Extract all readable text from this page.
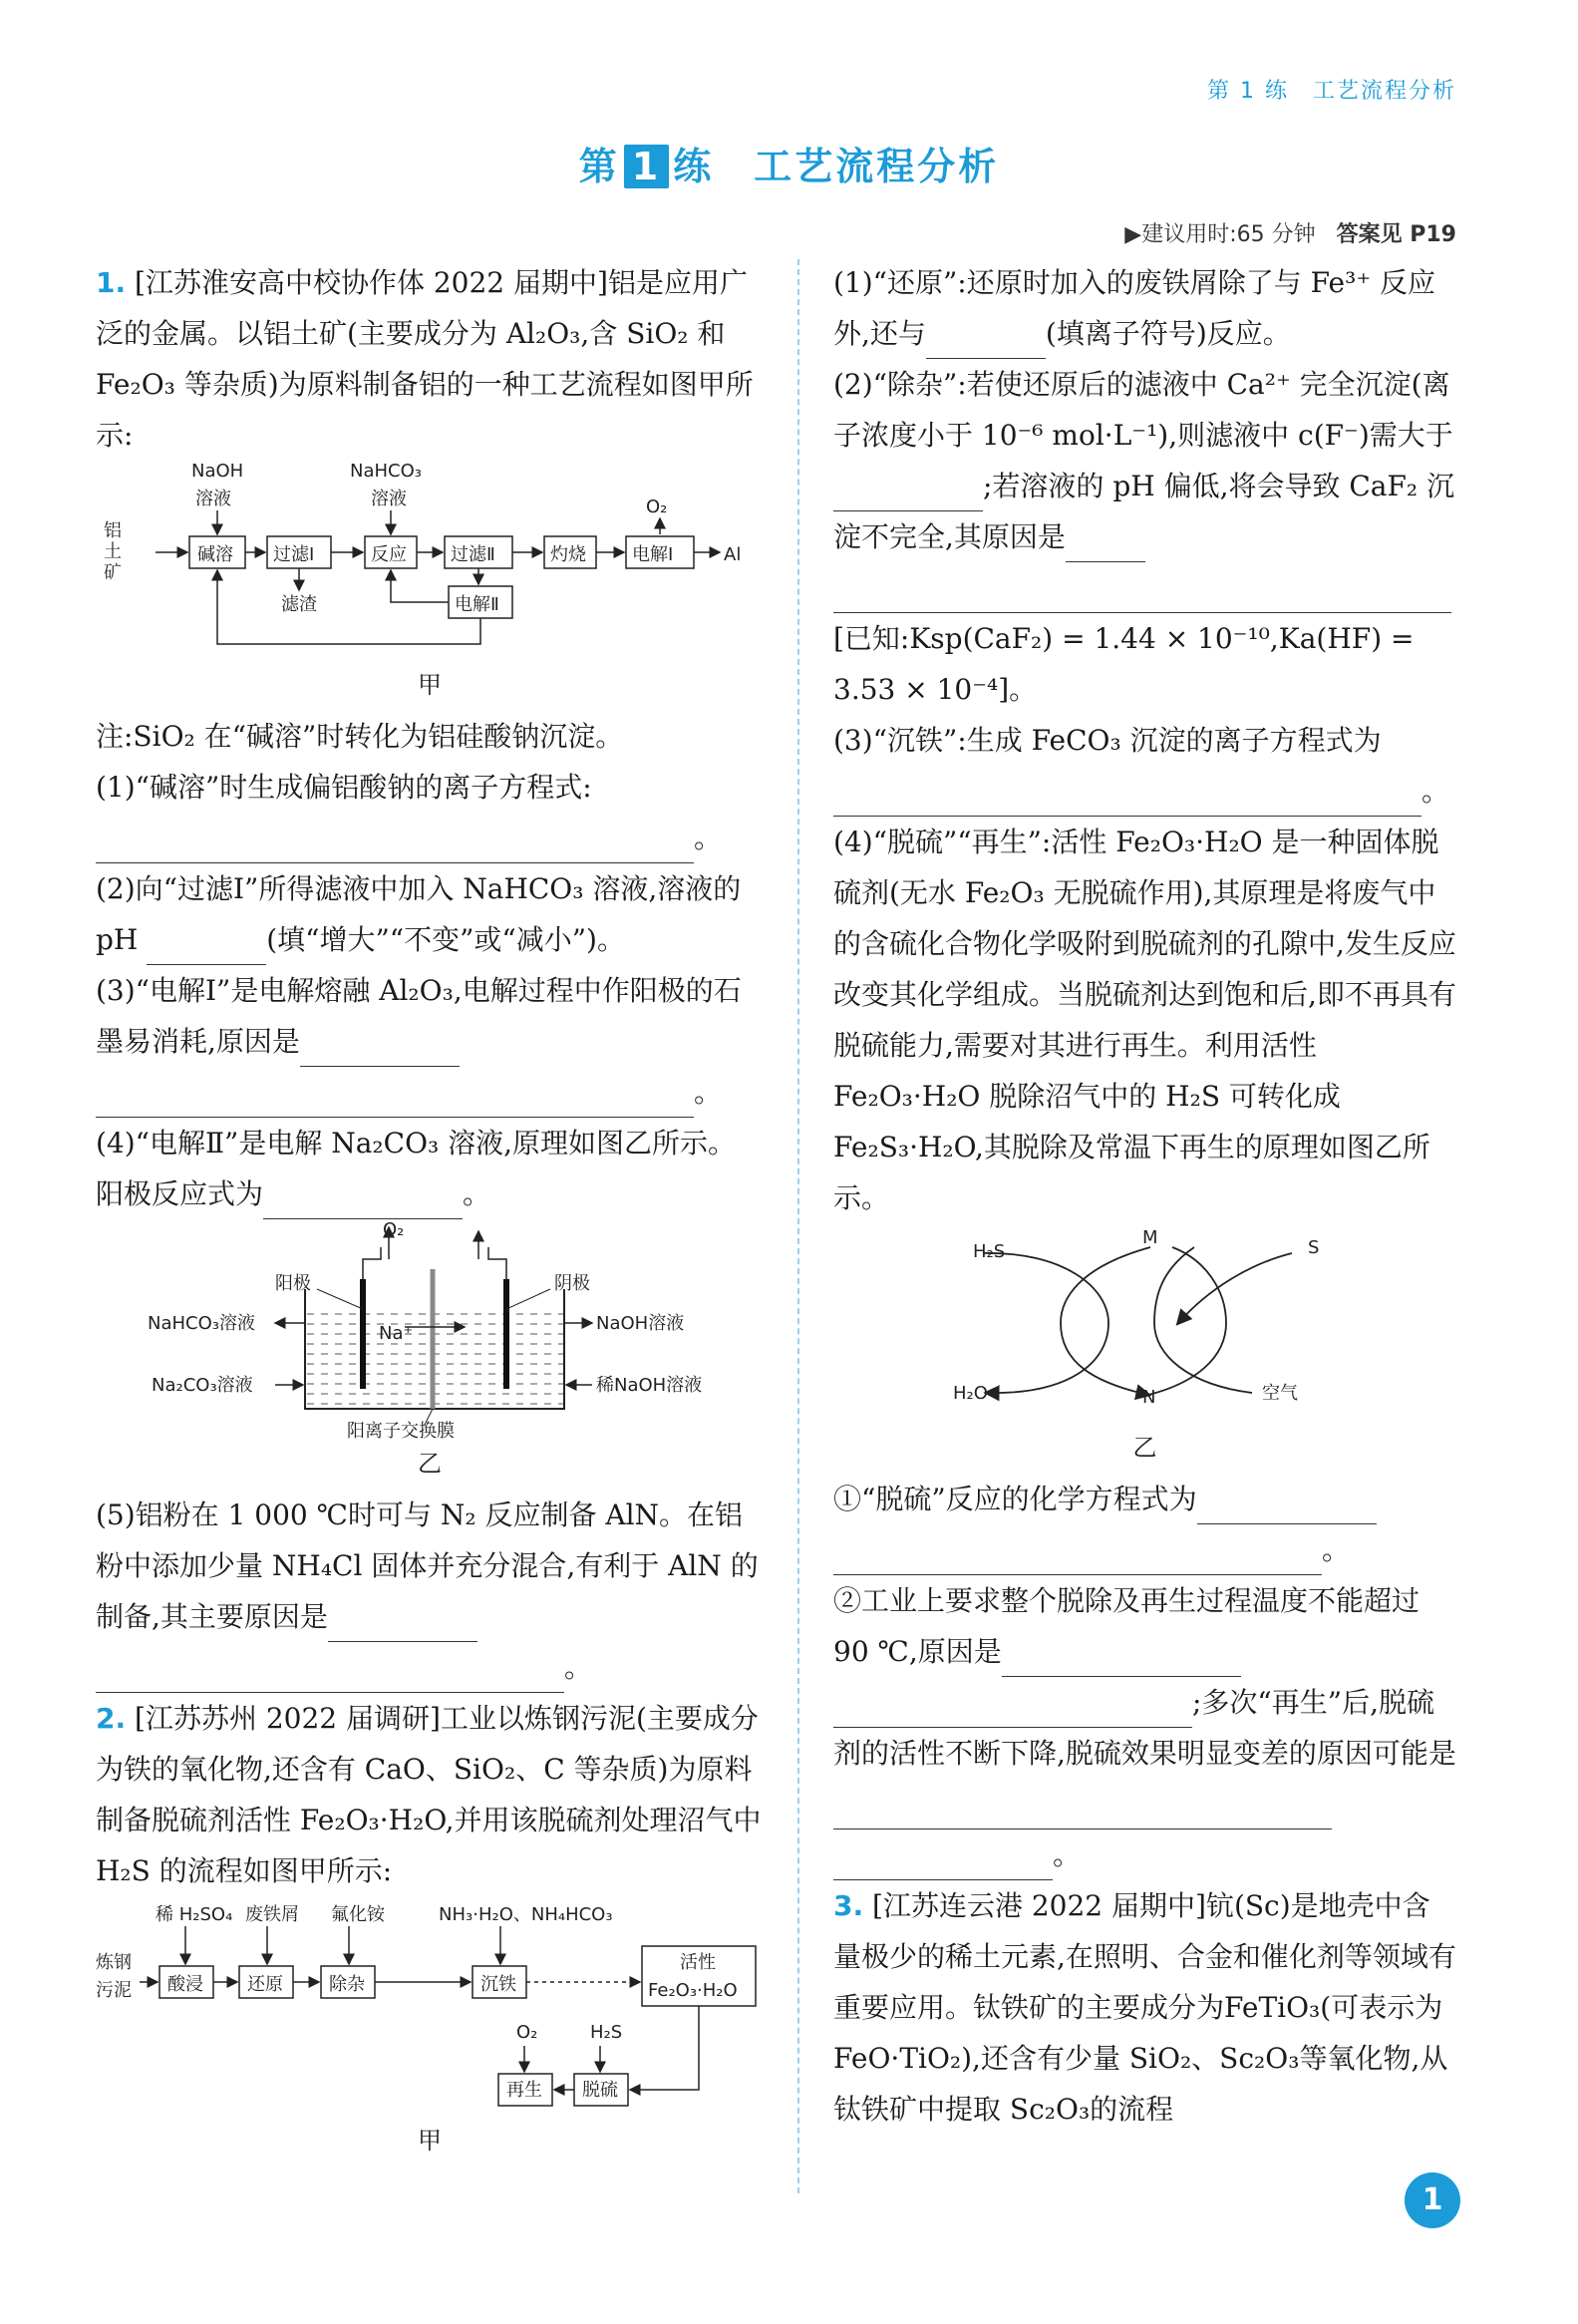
第 1 练　工艺流程分析
第 1 练 工艺流程分析
▶建议用时:65 分钟 答案见 P19

1. [江苏淮安高中校协作体 2022 届期中]铝是应用广泛的金属。以铝土矿(主要成分为 Al₂O₃,含 SiO₂ 和 Fe₂O₃ 等杂质)为原料制备铝的一种工艺流程如图甲所示:

NaOH
溶液
NaHCO₃
溶液
铝
土
矿
碱溶 过滤Ⅰ	反应 过滤Ⅱ	灼烧	电解Ⅰ	Al
O₂
滤渣	电解Ⅱ
甲

注:SiO₂ 在“碱溶”时转化为铝硅酸钠沉淀。

(1)“碱溶”时生成偏铝酸钠的离子方程式:

。

(2)向“过滤Ⅰ”所得滤液中加入 NaHCO₃ 溶液,溶液的 pH	(填“增大”“不变”或“减小”)。

(3)“电解Ⅰ”是电解熔融 Al₂O₃,电解过程中作阳极的石墨易消耗,原因是

。

(4)“电解Ⅱ”是电解 Na₂CO₃ 溶液,原理如图乙所示。阳极反应式为	。

O₂
阳极	阴极
NaHCO₃溶液	NaOH溶液
Na⁺
Na₂CO₃溶液	稀NaOH溶液
阳离子交换膜
乙

(5)铝粉在 1 000 ℃时可与 N₂ 反应制备 AlN。在铝粉中添加少量 NH₄Cl 固体并充分混合,有利于 AlN 的制备,其主要原因是

。

2. [江苏苏州 2022 届调研]工业以炼钢污泥(主要成分为铁的氧化物,还含有 CaO、SiO₂、C 等杂质)为原料制备脱硫剂活性 Fe₂O₃·H₂O,并用该脱硫剂处理沼气中 H₂S 的流程如图甲所示:

稀 H₂SO₄ 废铁屑 氟化铵	NH₃·H₂O、NH₄HCO₃
炼钢
污泥 酸浸 还原	除杂	沉铁
活性
Fe₂O₃·H₂O
O₂	H₂S
再生 脱硫
甲

(1)“还原”:还原时加入的废铁屑除了与 Fe³⁺ 反应外,还与	(填离子符号)反应。

(2)“除杂”:若使还原后的滤液中 Ca²⁺ 完全沉淀(离子浓度小于 10⁻⁶ mol·L⁻¹),则滤液中 c(F⁻)需大于;若溶液的 pH 偏低,将会导致 CaF₂ 沉淀不完全,其原因是

[已知:Ksp(CaF₂) = 1.44 × 10⁻¹⁰,Ka(HF) = 3.53 × 10⁻⁴]。

(3)“沉铁”:生成 FeCO₃ 沉淀的离子方程式为

。

(4)“脱硫”“再生”:活性 Fe₂O₃·H₂O 是一种固体脱硫剂(无水 Fe₂O₃ 无脱硫作用),其原理是将废气中的含硫化合物化学吸附到脱硫剂的孔隙中,发生反应改变其化学组成。当脱硫剂达到饱和后,即不再具有脱硫能力,需要对其进行再生。利用活性 Fe₂O₃·H₂O 脱除沼气中的 H₂S 可转化成 Fe₂S₃·H₂O,其脱除及常温下再生的原理如图乙所示。

H₂S
M	S
H₂O	N	空气
乙

①“脱硫”反应的化学方程式为

。

②工业上要求整个脱除及再生过程温度不能超过 90 ℃,原因是

;多次“再生”后,脱硫剂的活性不断下降,脱硫效果明显变差的原因可能是

。

3. [江苏连云港 2022 届期中]钪(Sc)是地壳中含量极少的稀土元素,在照明、合金和催化剂等领域有重要应用。钛铁矿的主要成分为FeTiO₃(可表示为 FeO·TiO₂),还含有少量 SiO₂、Sc₂O₃等氧化物,从钛铁矿中提取 Sc₂O₃的流程

1
